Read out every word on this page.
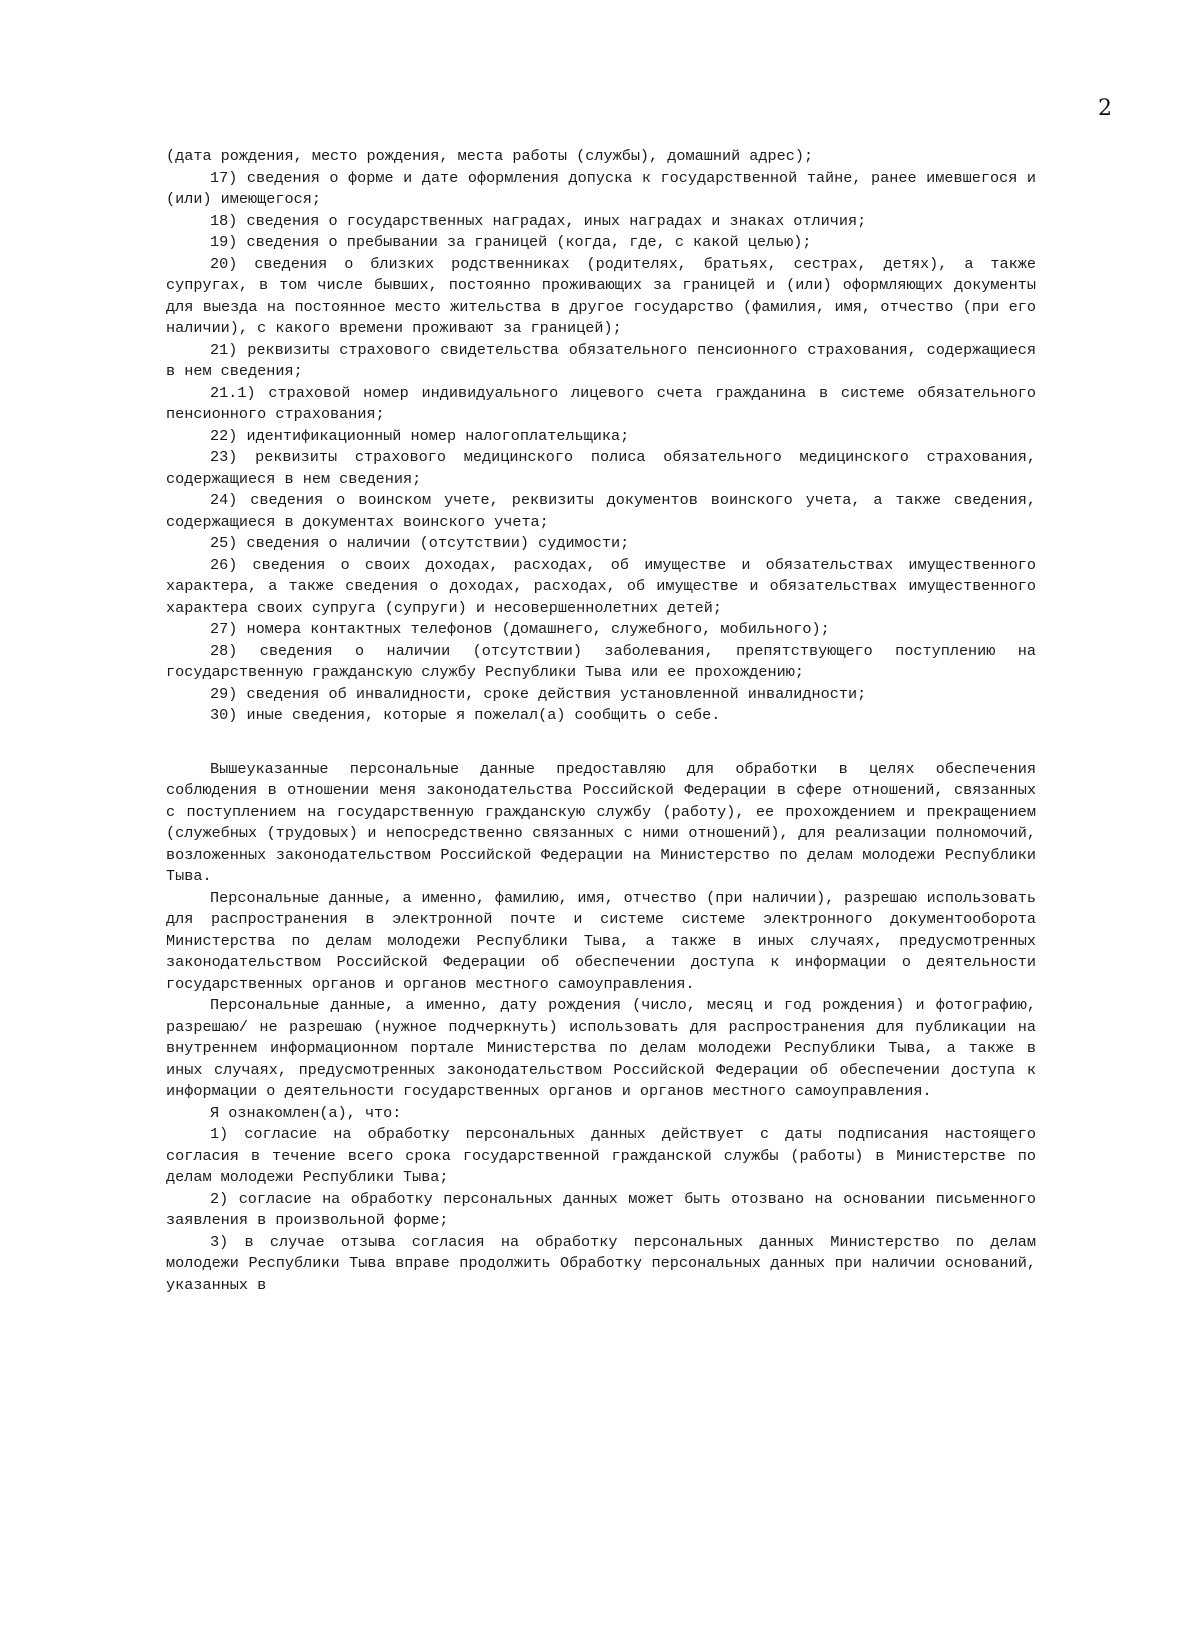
2

(дата рождения, место рождения, места работы (службы), домашний адрес);

17) сведения о форме и дате оформления допуска к государственной тайне, ранее имевшегося и (или) имеющегося;

18) сведения о государственных наградах, иных наградах и знаках отличия;

19) сведения о пребывании за границей (когда, где, с какой целью);

20) сведения о близких родственниках (родителях, братьях, сестрах, детях), а также супругах, в том числе бывших, постоянно проживающих за границей и (или) оформляющих документы для выезда на постоянное место жительства в другое государство (фамилия, имя, отчество (при его наличии), с какого времени проживают за границей);

21) реквизиты страхового свидетельства обязательного пенсионного страхования, содержащиеся в нем сведения;

21.1) страховой номер индивидуального лицевого счета гражданина в системе обязательного пенсионного страхования;

22) идентификационный номер налогоплательщика;

23) реквизиты страхового медицинского полиса обязательного медицинского страхования, содержащиеся в нем сведения;

24) сведения о воинском учете, реквизиты документов воинского учета, а также сведения, содержащиеся в документах воинского учета;

25) сведения о наличии (отсутствии) судимости;

26) сведения о своих доходах, расходах, об имуществе и обязательствах имущественного характера, а также сведения о доходах, расходах, об имуществе и обязательствах имущественного характера своих супруга (супруги) и несовершеннолетних детей;

27) номера контактных телефонов (домашнего, служебного, мобильного);

28) сведения о наличии (отсутствии) заболевания, препятствующего поступлению на государственную гражданскую службу Республики Тыва или ее прохождению;

29) сведения об инвалидности, сроке действия установленной инвалидности;

30) иные сведения, которые я пожелал(а) сообщить о себе.

Вышеуказанные персональные данные предоставляю для обработки в целях обеспечения соблюдения в отношении меня законодательства Российской Федерации в сфере отношений, связанных с поступлением на государственную гражданскую службу (работу), ее прохождением и прекращением (служебных (трудовых) и непосредственно связанных с ними отношений), для реализации полномочий, возложенных законодательством Российской Федерации на Министерство по делам молодежи Республики Тыва.

Персональные данные, а именно, фамилию, имя, отчество (при наличии), разрешаю использовать для распространения в электронной почте и системе системе электронного документооборота Министерства по делам молодежи Республики Тыва, а также в иных случаях, предусмотренных законодательством Российской Федерации об обеспечении доступа к информации о деятельности государственных органов и органов местного самоуправления.

Персональные данные, а именно, дату рождения (число, месяц и год рождения) и фотографию, разрешаю/ не разрешаю (нужное подчеркнуть) использовать для распространения для публикации на внутреннем информационном портале Министерства по делам молодежи Республики Тыва, а также в иных случаях, предусмотренных законодательством Российской Федерации об обеспечении доступа к информации о деятельности государственных органов и органов местного самоуправления.

Я ознакомлен(а), что:

1) согласие на обработку персональных данных действует с даты подписания настоящего согласия в течение всего срока государственной гражданской службы (работы) в Министерстве по делам молодежи Республики Тыва;

2) согласие на обработку персональных данных может быть отозвано на основании письменного заявления в произвольной форме;

3) в случае отзыва согласия на обработку персональных данных Министерство по делам молодежи Республики Тыва вправе продолжить Обработку персональных данных при наличии оснований, указанных в
